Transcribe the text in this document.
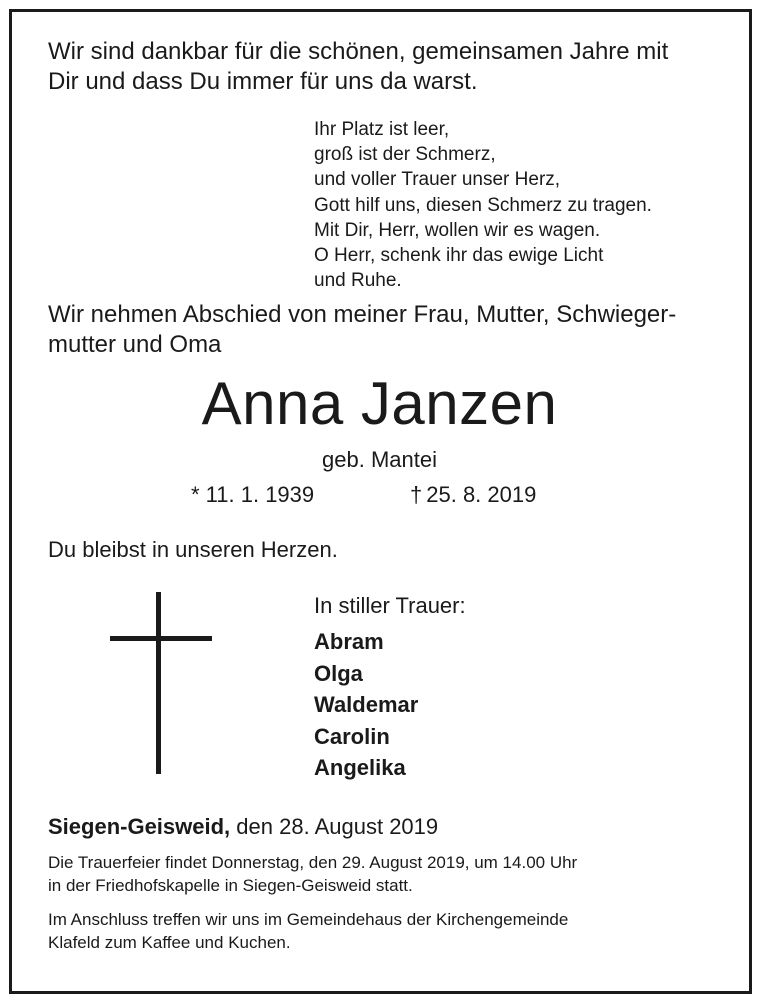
Wir sind dankbar für die schönen, gemeinsamen Jahre mit
Dir und dass Du immer für uns da warst.
Ihr Platz ist leer,
groß ist der Schmerz,
und voller Trauer unser Herz,
Gott hilf uns, diesen Schmerz zu tragen.
Mit Dir, Herr, wollen wir es wagen.
O Herr, schenk ihr das ewige Licht
und Ruhe.
Wir nehmen Abschied von meiner Frau, Mutter, Schwieger-
mutter und Oma
Anna Janzen
geb. Mantei
* 11. 1. 1939	† 25. 8. 2019
Du bleibst in unseren Herzen.
In stiller Trauer:
Abram
Olga
Waldemar
Carolin
Angelika
Siegen-Geisweid, den 28. August 2019
Die Trauerfeier findet Donnerstag, den 29. August 2019, um 14.00 Uhr
in der Friedhofskapelle in Siegen-Geisweid statt.
Im Anschluss treffen wir uns im Gemeindehaus der Kirchengemeinde
Klafeld zum Kaffee und Kuchen.
